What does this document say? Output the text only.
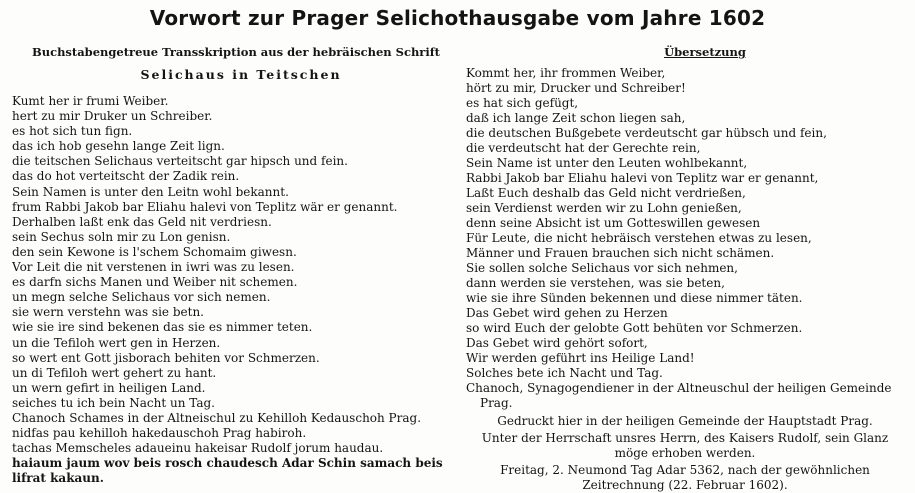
Vorwort zur Prager Selichothausgabe vom Jahre 1602
Buchstabengetreue Transskription aus der hebräischen Schrift
Selichaus in Teitschen
Kumt her ir frumi Weiber.
hert zu mir Druker un Schreiber.
es hot sich tun fign.
das ich hob gesehn lange Zeit lign.
die teitschen Selichaus verteitscht gar hipsch und fein.
das do hot verteitscht der Zadik rein.
Sein Namen is unter den Leitn wohl bekannt.
frum Rabbi Jakob bar Eliahu halevi von Teplitz wär er genannt.
Derhalben laßt enk das Geld nit verdriesn.
sein Sechus soln mir zu Lon genisn.
den sein Kewone is l'schem Schomaim giwesn.
Vor Leit die nit verstenen in iwri was zu lesen.
es darfn sichs Manen und Weiber nit schemen.
un megn selche Selichaus vor sich nemen.
sie wern verstehn was sie betn.
wie sie ire sind bekenen das sie es nimmer teten.
un die Tefiloh wert gen in Herzen.
so wert ent Gott jisborach behiten vor Schmerzen.
un di Tefiloh wert gehert zu hant.
un wern gefirt in heiligen Land.
seiches tu ich bein Nacht un Tag.
Chanoch Schames in der Altneischul zu Kehilloh Kedauschoh Prag.
nidfas pau kehilloh hakedauschoh Prag habiroh.
tachas Memscheles adaueinu hakeisar Rudolf jorum haudau.
haiaum jaum wov beis rosch chaudesch Adar Schin samach beis
lifrat kakaun.
Übersetzung
Kommt her, ihr frommen Weiber,
hört zu mir, Drucker und Schreiber!
es hat sich gefügt,
daß ich lange Zeit schon liegen sah,
die deutschen Bußgebete verdeutscht gar hübsch und fein,
die verdeutscht hat der Gerechte rein,
Sein Name ist unter den Leuten wohlbekannt,
Rabbi Jakob bar Eliahu halevi von Teplitz war er genannt,
Laßt Euch deshalb das Geld nicht verdrießen,
sein Verdienst werden wir zu Lohn genießen,
denn seine Absicht ist um Gotteswillen gewesen
Für Leute, die nicht hebräisch verstehen etwas zu lesen,
Männer und Frauen brauchen sich nicht schämen.
Sie sollen solche Selichaus vor sich nehmen,
dann werden sie verstehen, was sie beten,
wie sie ihre Sünden bekennen und diese nimmer täten.
Das Gebet wird gehen zu Herzen
so wird Euch der gelobte Gott behüten vor Schmerzen.
Das Gebet wird gehört sofort,
Wir werden geführt ins Heilige Land!
Solches bete ich Nacht und Tag.
Chanoch, Synagogendiener in der Altneuschul der heiligen Gemeinde
Prag.

Gedruckt hier in der heiligen Gemeinde der Hauptstadt Prag.

Unter der Herrschaft unsres Herrn, des Kaisers Rudolf, sein Glanz möge erhoben werden.

Freitag, 2. Neumond Tag Adar 5362, nach der gewöhnlichen Zeitrechnung (22. Februar 1602).
